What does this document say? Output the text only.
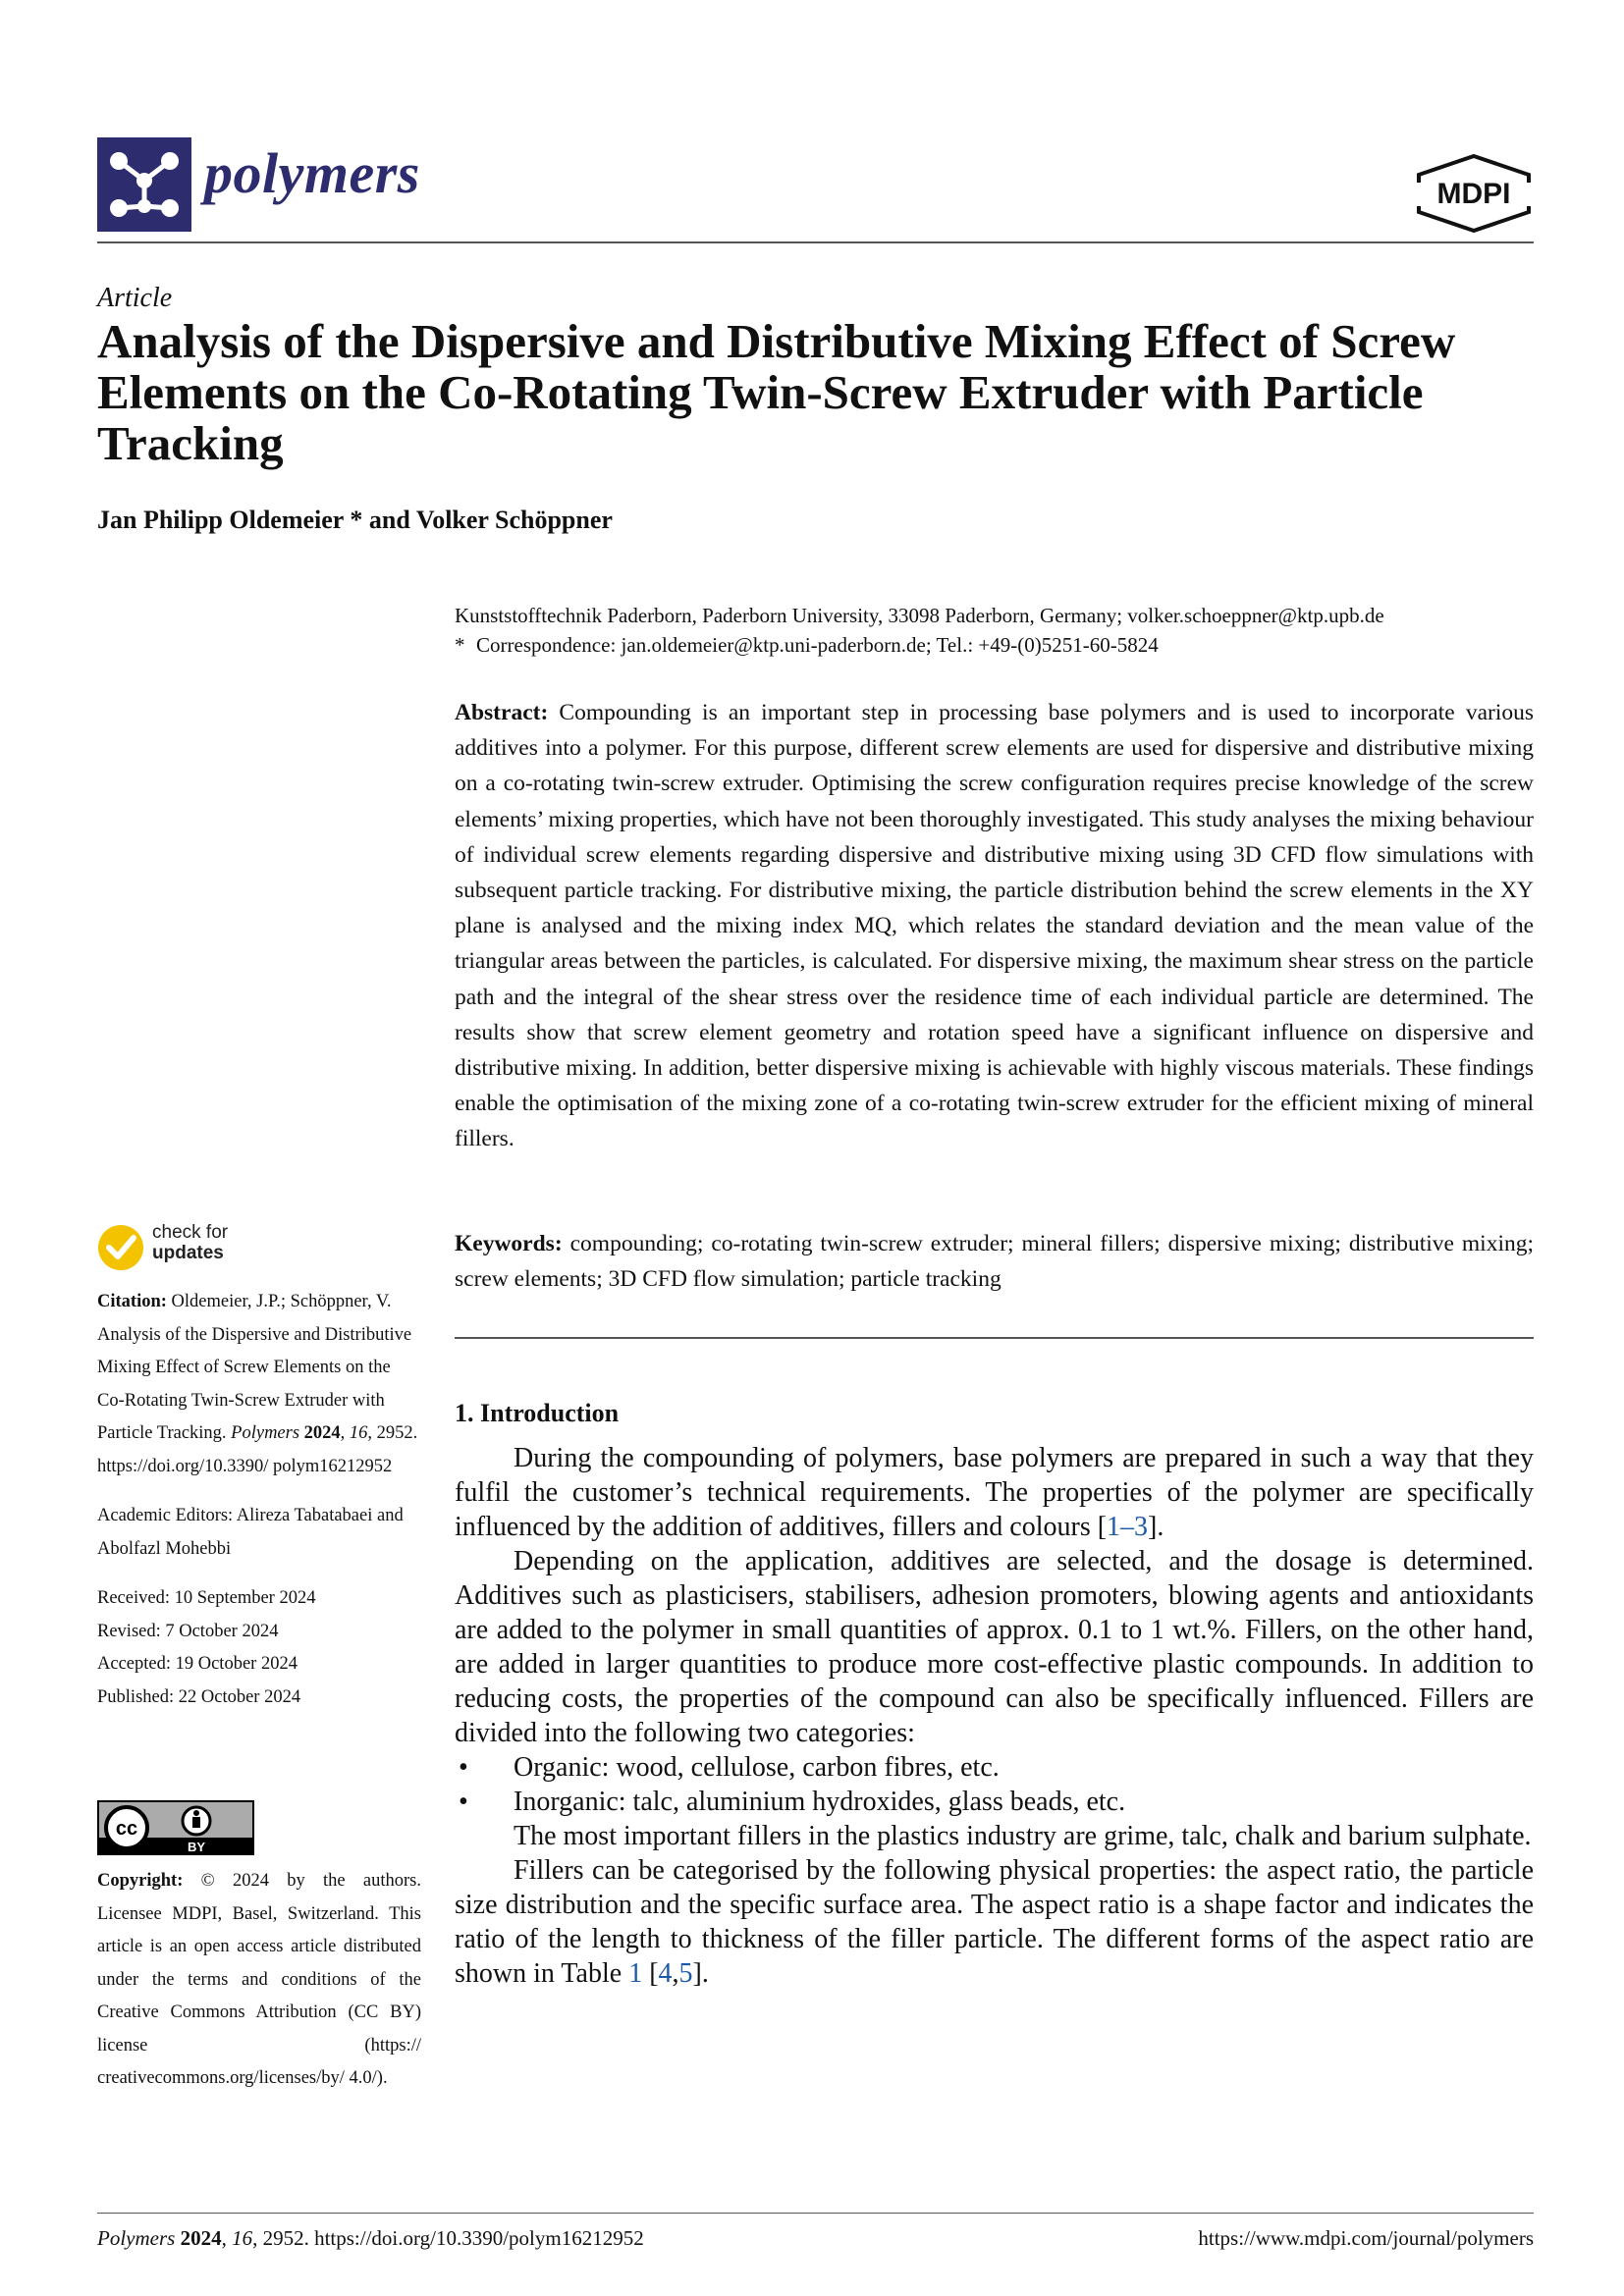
polymers	MDPI
Article
Analysis of the Dispersive and Distributive Mixing Effect of Screw Elements on the Co-Rotating Twin-Screw Extruder with Particle Tracking
Jan Philipp Oldemeier * and Volker Schöppner
Kunststofftechnik Paderborn, Paderborn University, 33098 Paderborn, Germany; volker.schoeppner@ktp.upb.de
* Correspondence: jan.oldemeier@ktp.uni-paderborn.de; Tel.: +49-(0)5251-60-5824
Abstract: Compounding is an important step in processing base polymers and is used to incorporate various additives into a polymer. For this purpose, different screw elements are used for dispersive and distributive mixing on a co-rotating twin-screw extruder. Optimising the screw configuration requires precise knowledge of the screw elements’ mixing properties, which have not been thoroughly investigated. This study analyses the mixing behaviour of individual screw elements regarding dispersive and distributive mixing using 3D CFD flow simulations with subsequent particle tracking. For distributive mixing, the particle distribution behind the screw elements in the XY plane is analysed and the mixing index MQ, which relates the standard deviation and the mean value of the triangular areas between the particles, is calculated. For dispersive mixing, the maximum shear stress on the particle path and the integral of the shear stress over the residence time of each individual particle are determined. The results show that screw element geometry and rotation speed have a significant influence on dispersive and distributive mixing. In addition, better dispersive mixing is achievable with highly viscous materials. These findings enable the optimisation of the mixing zone of a co-rotating twin-screw extruder for the efficient mixing of mineral fillers.
Keywords: compounding; co-rotating twin-screw extruder; mineral fillers; dispersive mixing; distributive mixing; screw elements; 3D CFD flow simulation; particle tracking
1. Introduction

During the compounding of polymers, base polymers are prepared in such a way that they fulfil the customer’s technical requirements. The properties of the polymer are specifically influenced by the addition of additives, fillers and colours [1–3].

Depending on the application, additives are selected, and the dosage is determined. Additives such as plasticisers, stabilisers, adhesion promoters, blowing agents and antioxidants are added to the polymer in small quantities of approx. 0.1 to 1 wt.%. Fillers, on the other hand, are added in larger quantities to produce more cost-effective plastic compounds. In addition to reducing costs, the properties of the compound can also be specifically influenced. Fillers are divided into the following two categories:

• Organic: wood, cellulose, carbon fibres, etc.
• Inorganic: talc, aluminium hydroxides, glass beads, etc.

The most important fillers in the plastics industry are grime, talc, chalk and barium sulphate.

Fillers can be categorised by the following physical properties: the aspect ratio, the particle size distribution and the specific surface area. The aspect ratio is a shape factor and indicates the ratio of the length to thickness of the filler particle. The different forms of the aspect ratio are shown in Table 1 [4,5].

check for
updates
Citation: Oldemeier, J.P.; Schöppner, V. Analysis of the Dispersive and Distributive Mixing Effect of Screw Elements on the Co-Rotating Twin-Screw Extruder with Particle Tracking. Polymers 2024, 16, 2952. https://doi.org/10.3390/ polym16212952
Academic Editors: Alireza Tabatabaei and Abolfazl Mohebbi

Received: 10 September 2024

Revised: 7 October 2024

Accepted: 19 October 2024

Published: 22 October 2024

cc
BY
Copyright: © 2024 by the authors. Licensee MDPI, Basel, Switzerland. This article is an open access article distributed under the terms and conditions of the Creative Commons Attribution (CC BY) license (https:// creativecommons.org/licenses/by/ 4.0/).
Polymers 2024, 16, 2952. https://doi.org/10.3390/polym16212952	https://www.mdpi.com/journal/polymers
